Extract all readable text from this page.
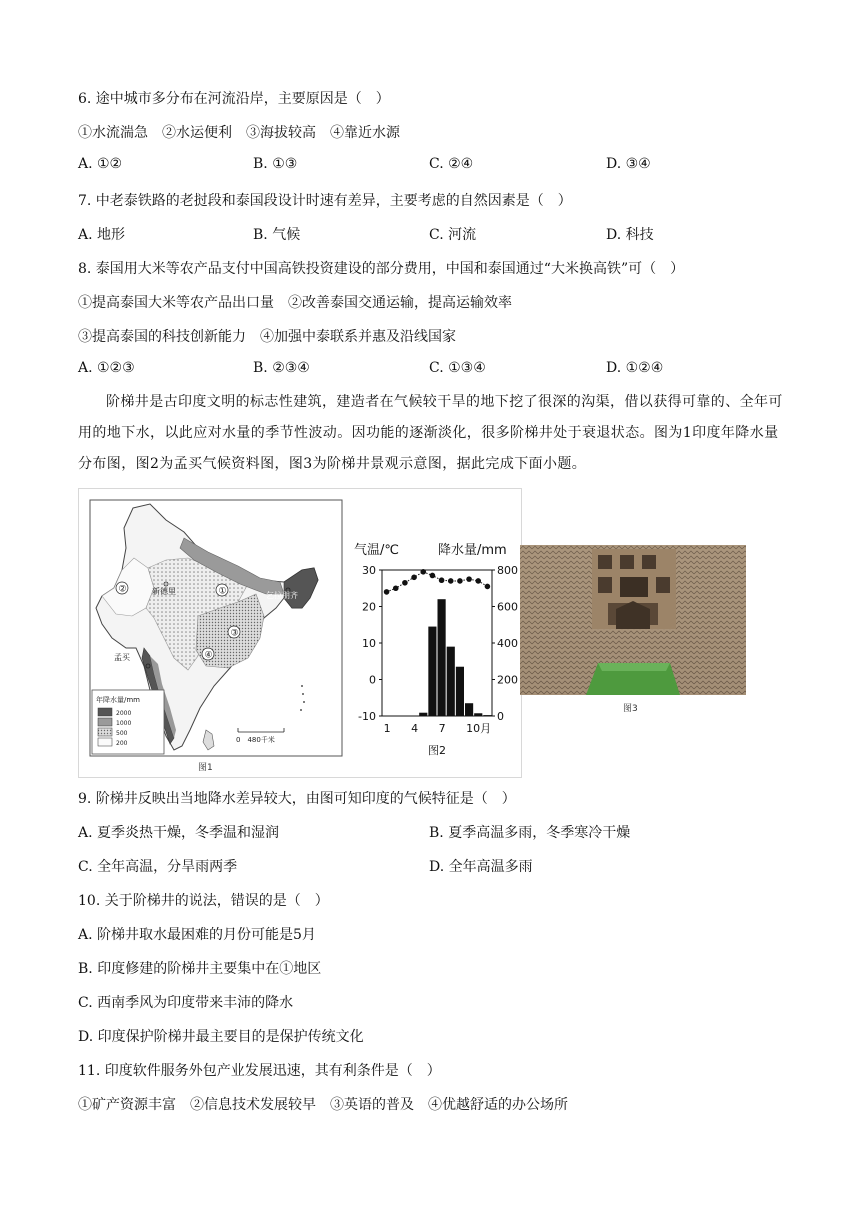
6. 途中城市多分布在河流沿岸，主要原因是（　）
①水流湍急　②水运便利　③海拔较高　④靠近水源
A. ①②	B. ①③	C. ②④	D. ③④
7. 中老泰铁路的老挝段和泰国段设计时速有差异，主要考虑的自然因素是（　）
A. 地形	B. 气候	C. 河流	D. 科技
8. 泰国用大米等农产品支付中国高铁投资建设的部分费用，中国和泰国通过“大米换高铁”可（　）
①提高泰国大米等农产品出口量　②改善泰国交通运输，提高运输效率
③提高泰国的科技创新能力　④加强中泰联系并惠及沿线国家
A. ①②③	B. ②③④	C. ①③④	D. ①②④
阶梯井是古印度文明的标志性建筑，建造者在气候较干旱的地下挖了很深的沟渠，借以获得可靠的、全年可用的地下水，以此应对水量的季节性波动。因功能的逐渐淡化，很多阶梯井处于衰退状态。图为1印度年降水量分布图，图2为孟买气候资料图，图3为阶梯井景观示意图，据此完成下面小题。
新德里	乞拉朋齐
孟买
①
②
③
④
年降水量/mm
2000
1000
500
200	0　480千米
图1
气温/℃	降水量/mm
30
20
10
0
-10
800
600
400
200
0
1 4 7 10月
图2
图3
9. 阶梯井反映出当地降水差异较大，由图可知印度的气候特征是（　）
A. 夏季炎热干燥，冬季温和湿润	B. 夏季高温多雨，冬季寒冷干燥
C. 全年高温，分旱雨两季	D. 全年高温多雨
10. 关于阶梯井的说法，错误的是（　）
A. 阶梯井取水最困难的月份可能是5月
B. 印度修建的阶梯井主要集中在①地区
C. 西南季风为印度带来丰沛的降水
D. 印度保护阶梯井最主要目的是保护传统文化
11. 印度软件服务外包产业发展迅速，其有利条件是（　）
①矿产资源丰富　②信息技术发展较早　③英语的普及　④优越舒适的办公场所
